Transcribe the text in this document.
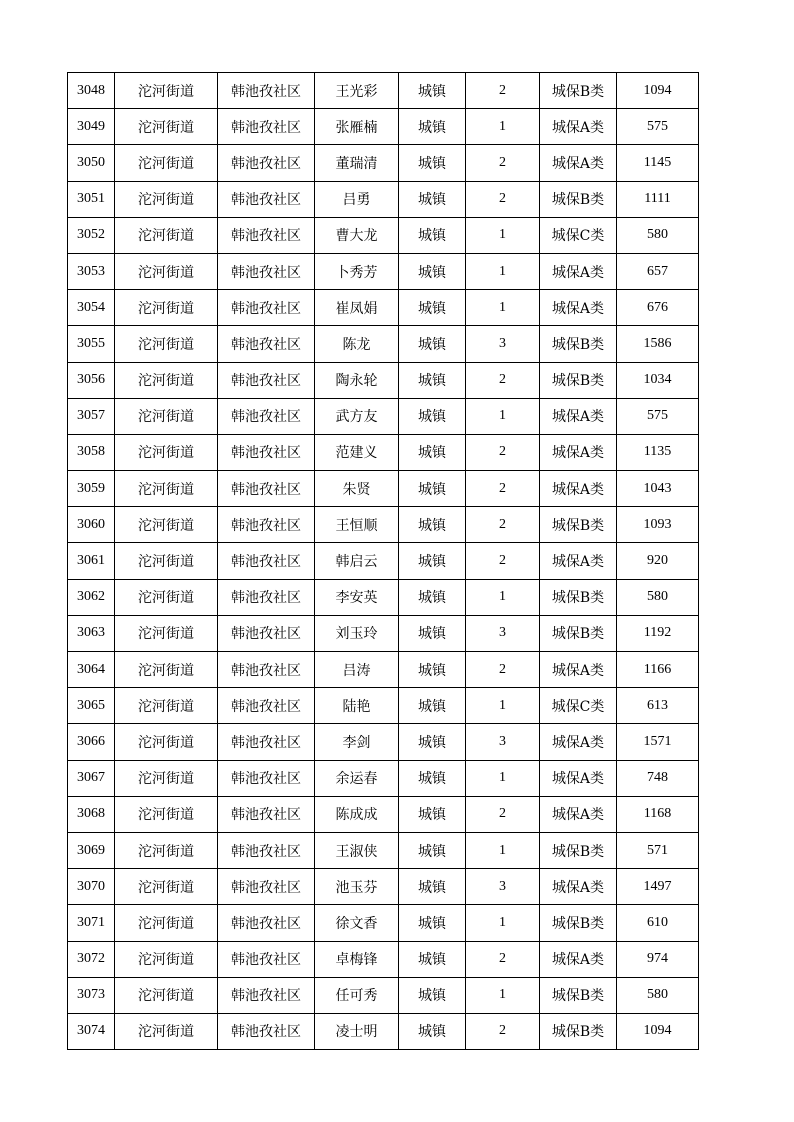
3048	沱河街道	韩池孜社区	王光彩	城镇	2	城保B类	1094
3049	沱河街道	韩池孜社区	张雁楠	城镇	1	城保A类	575
3050	沱河街道	韩池孜社区	董瑞清	城镇	2	城保A类	1145
3051	沱河街道	韩池孜社区	吕勇	城镇	2	城保B类	1111
3052	沱河街道	韩池孜社区	曹大龙	城镇	1	城保C类	580
3053	沱河街道	韩池孜社区	卜秀芳	城镇	1	城保A类	657
3054	沱河街道	韩池孜社区	崔凤娟	城镇	1	城保A类	676
3055	沱河街道	韩池孜社区	陈龙	城镇	3	城保B类	1586
3056	沱河街道	韩池孜社区	陶永轮	城镇	2	城保B类	1034
3057	沱河街道	韩池孜社区	武方友	城镇	1	城保A类	575
3058	沱河街道	韩池孜社区	范建义	城镇	2	城保A类	1135
3059	沱河街道	韩池孜社区	朱贤	城镇	2	城保A类	1043
3060	沱河街道	韩池孜社区	王恒顺	城镇	2	城保B类	1093
3061	沱河街道	韩池孜社区	韩启云	城镇	2	城保A类	920
3062	沱河街道	韩池孜社区	李安英	城镇	1	城保B类	580
3063	沱河街道	韩池孜社区	刘玉玲	城镇	3	城保B类	1192
3064	沱河街道	韩池孜社区	吕涛	城镇	2	城保A类	1166
3065	沱河街道	韩池孜社区	陆艳	城镇	1	城保C类	613
3066	沱河街道	韩池孜社区	李剑	城镇	3	城保A类	1571
3067	沱河街道	韩池孜社区	余运春	城镇	1	城保A类	748
3068	沱河街道	韩池孜社区	陈成成	城镇	2	城保A类	1168
3069	沱河街道	韩池孜社区	王淑侠	城镇	1	城保B类	571
3070	沱河街道	韩池孜社区	池玉芬	城镇	3	城保A类	1497
3071	沱河街道	韩池孜社区	徐文香	城镇	1	城保B类	610
3072	沱河街道	韩池孜社区	卓梅锋	城镇	2	城保A类	974
3073	沱河街道	韩池孜社区	任可秀	城镇	1	城保B类	580
3074	沱河街道	韩池孜社区	凌士明	城镇	2	城保B类	1094
